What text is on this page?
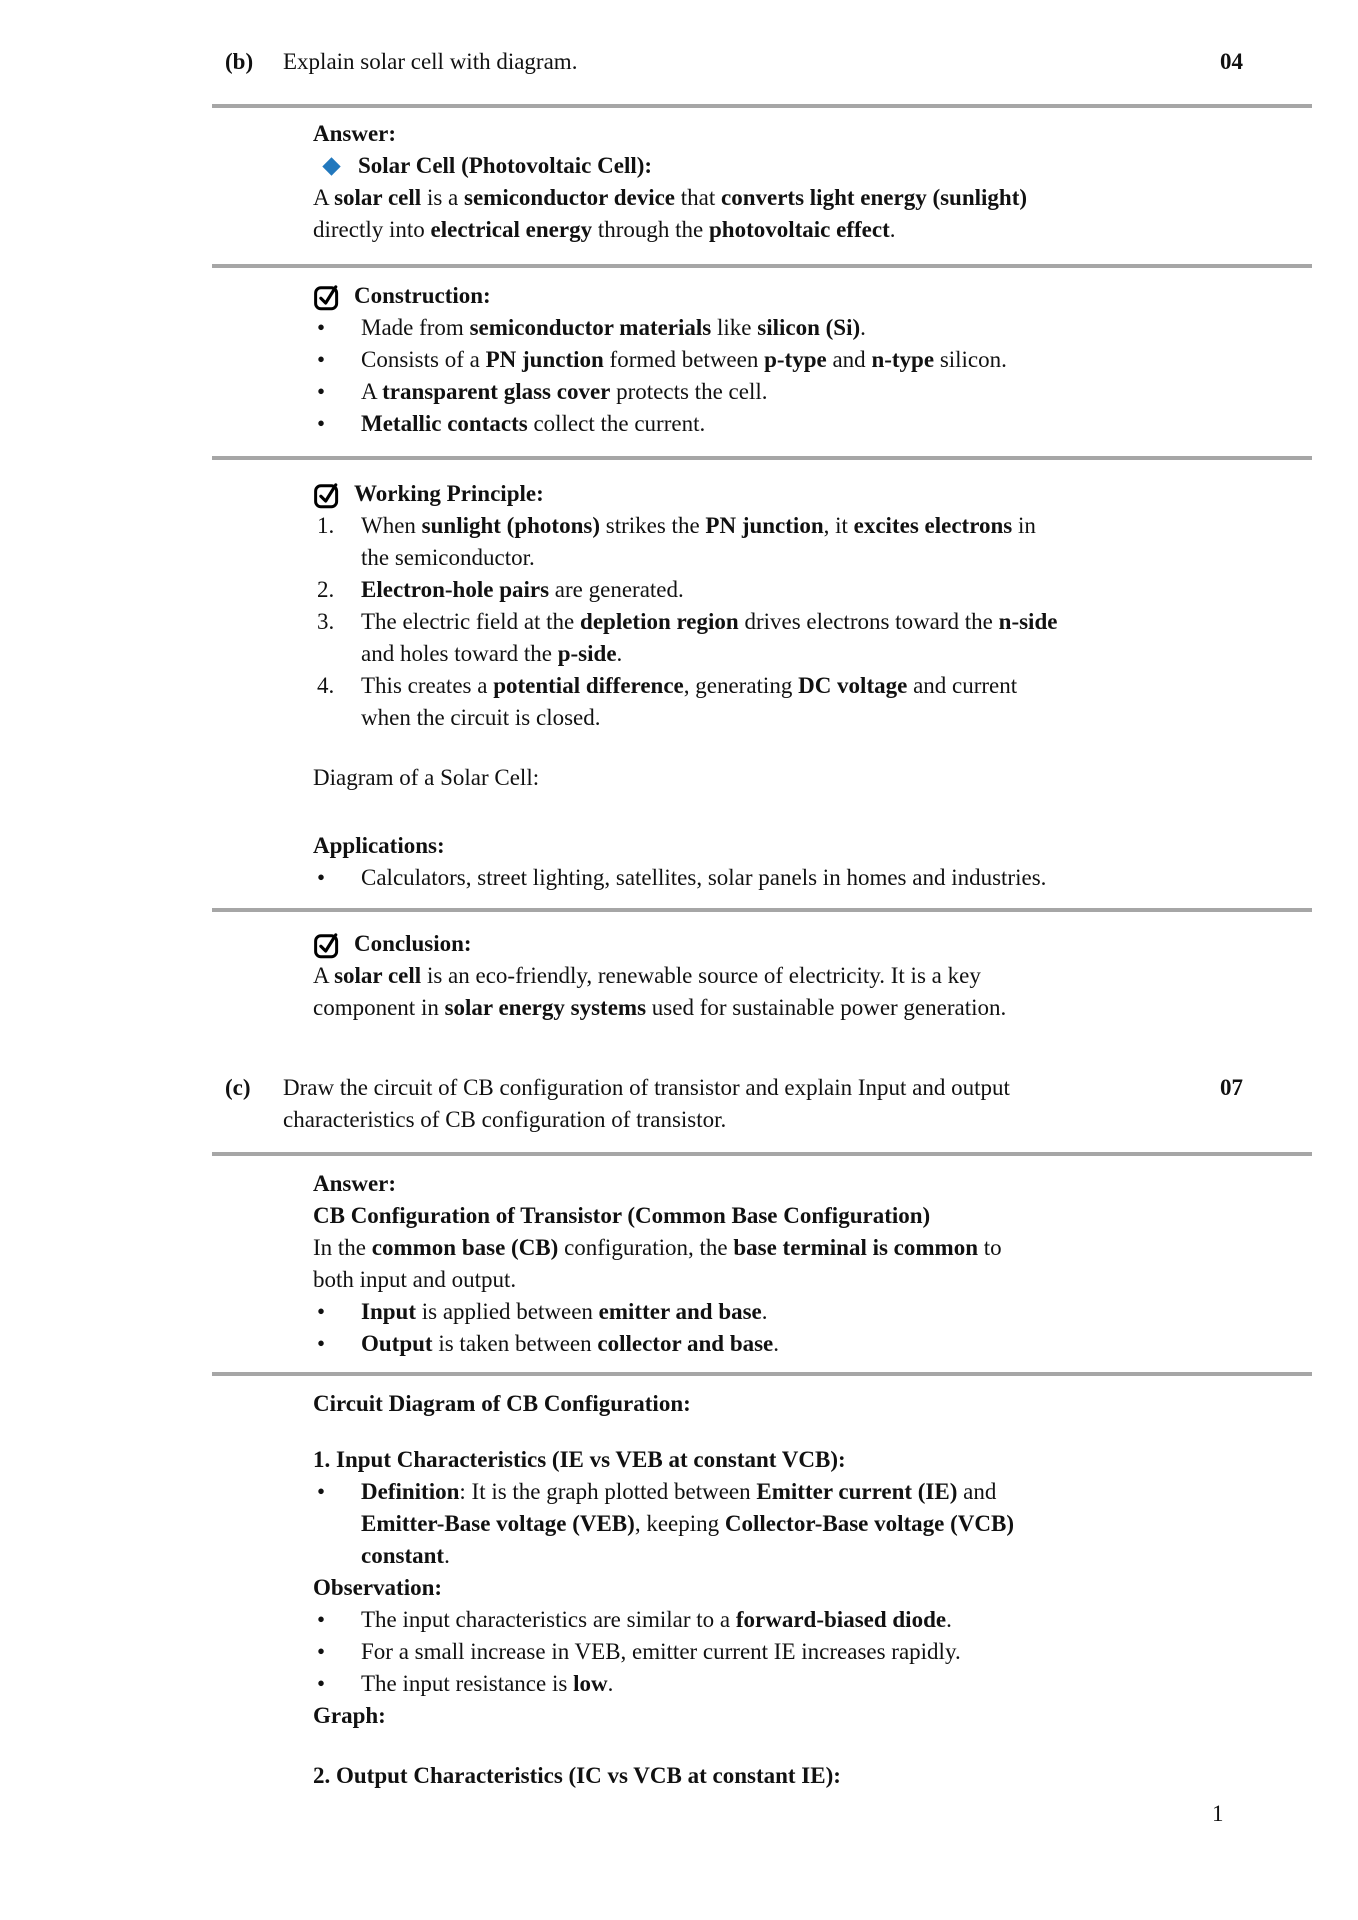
(b)	Explain solar cell with diagram.	04
Answer:
Solar Cell (Photovoltaic Cell):
A solar cell is a semiconductor device that converts light energy (sunlight)
directly into electrical energy through the photovoltaic effect.
Construction:
•	Made from semiconductor materials like silicon (Si).
•	Consists of a PN junction formed between p-type and n-type silicon.
•	A transparent glass cover protects the cell.
•	Metallic contacts collect the current.
Working Principle:
1.	When sunlight (photons) strikes the PN junction, it excites electrons in
the semiconductor.
2.	Electron-hole pairs are generated.
3.	The electric field at the depletion region drives electrons toward the n-side
and holes toward the p-side.
4.	This creates a potential difference, generating DC voltage and current
when the circuit is closed.
Diagram of a Solar Cell:
Applications:
•	Calculators, street lighting, satellites, solar panels in homes and industries.
Conclusion:
A solar cell is an eco-friendly, renewable source of electricity. It is a key
component in solar energy systems used for sustainable power generation.
(c)	Draw the circuit of CB configuration of transistor and explain Input and output
characteristics of CB configuration of transistor.
07
Answer:
CB Configuration of Transistor (Common Base Configuration)
In the common base (CB) configuration, the base terminal is common to
both input and output.
•	Input is applied between emitter and base.
•	Output is taken between collector and base.
Circuit Diagram of CB Configuration:
1. Input Characteristics (IE vs VEB at constant VCB):
•	Definition: It is the graph plotted between Emitter current (IE) and
Emitter-Base voltage (VEB), keeping Collector-Base voltage (VCB)
constant.
Observation:
•	The input characteristics are similar to a forward-biased diode.
•	For a small increase in VEB, emitter current IE increases rapidly.
•	The input resistance is low.
Graph:
2. Output Characteristics (IC vs VCB at constant IE):
1
